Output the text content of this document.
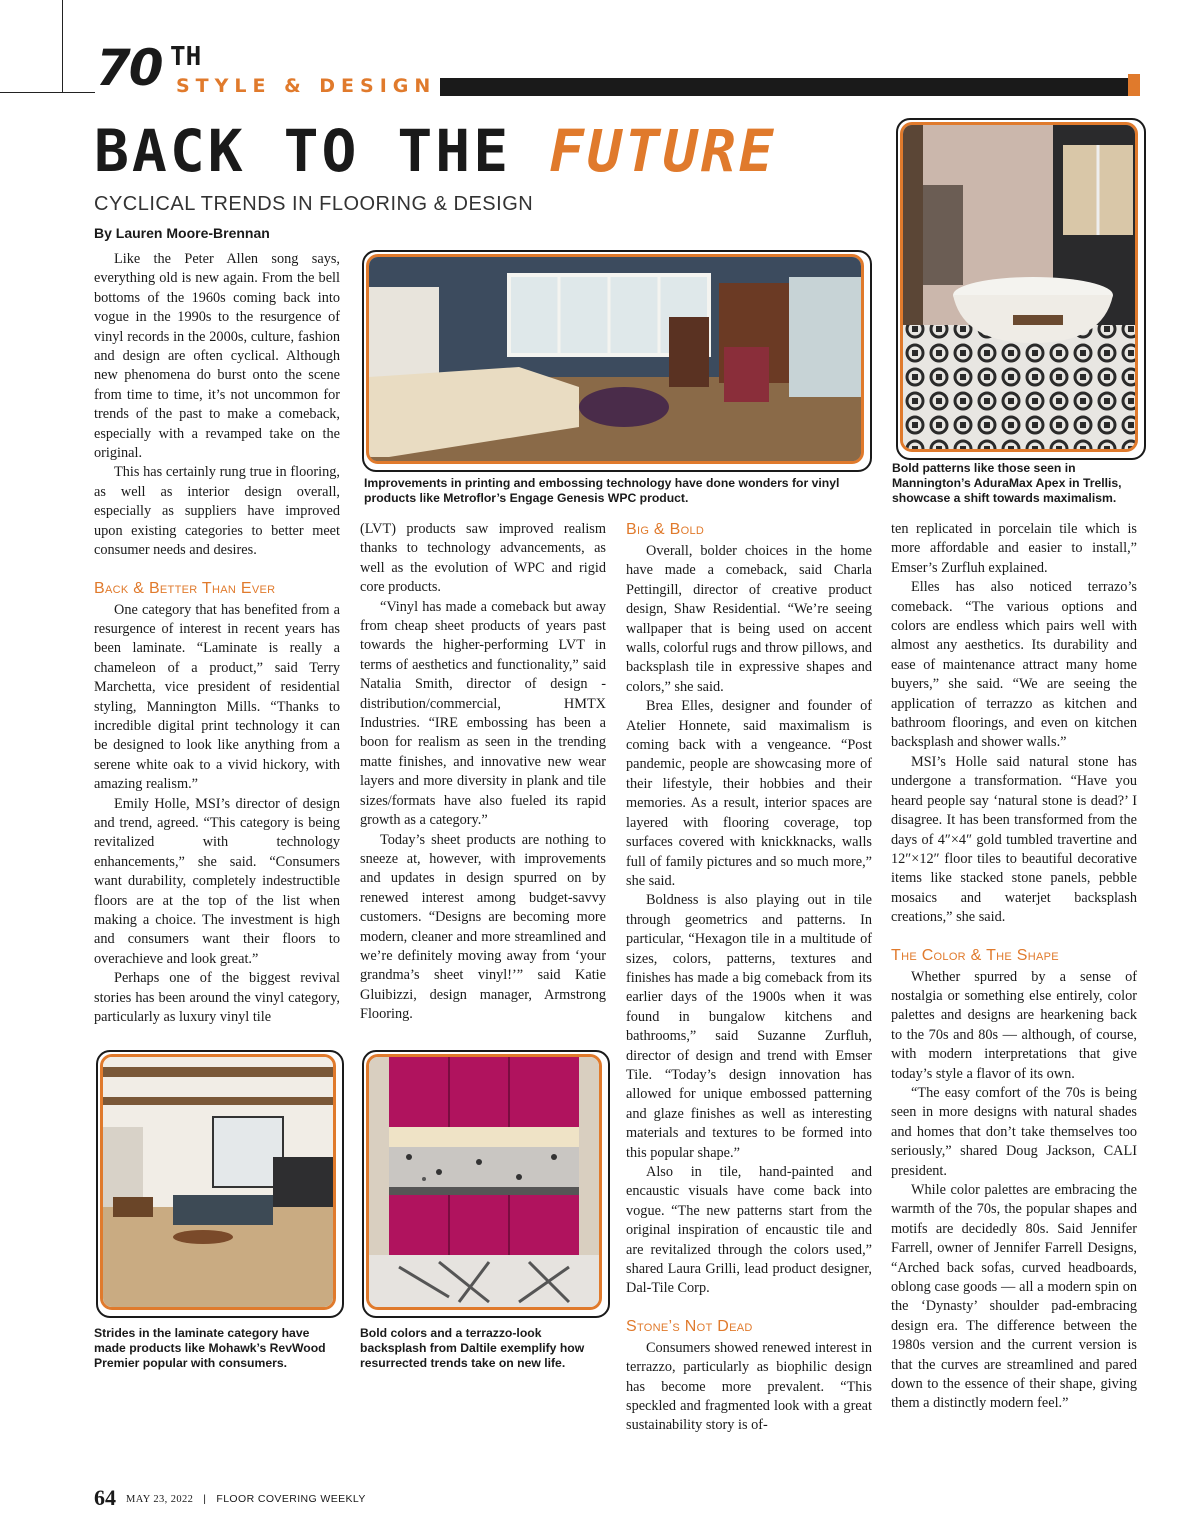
70 TH
STYLE & DESIGN
BACK TO THE FUTURE
CYCLICAL TRENDS IN FLOORING & DESIGN
By Lauren Moore-Brennan
Improvements in printing and embossing technology have done wonders for vinyl products like Metroflor’s Engage Genesis WPC product.
Bold patterns like those seen in Mannington’s AduraMax Apex in Trellis, showcase a shift towards maximalism.

Like the Peter Allen song says, everything old is new again. From the bell bottoms of the 1960s coming back into vogue in the 1990s to the resurgence of vinyl records in the 2000s, culture, fashion and design are often cyclical. Although new phenomena do burst onto the scene from time to time, it’s not uncommon for trends of the past to make a comeback, especially with a revamped take on the original.

This has certainly rung true in flooring, as well as interior design overall, especially as suppliers have improved upon existing categories to better meet consumer needs and desires.

Back & Better Than Ever

One category that has benefited from a resurgence of interest in recent years has been laminate. “Laminate is really a chameleon of a product,” said Terry Marchetta, vice president of residential styling, Mannington Mills. “Thanks to incredible digital print technology it can be designed to look like anything from a serene white oak to a vivid hickory, with amazing realism.”

Emily Holle, MSI’s director of design and trend, agreed. “This category is being revitalized with technology enhancements,” she said. “Consumers want durability, completely indestructible floors are at the top of the list when making a choice. The investment is high and consumers want their floors to overachieve and look great.”

Perhaps one of the biggest revival stories has been around the vinyl category, particularly as luxury vinyl tile

Strides in the laminate category have made products like Mohawk’s RevWood Premier popular with consumers.

(LVT) products saw improved realism thanks to technology advancements, as well as the evolution of WPC and rigid core products.

“Vinyl has made a comeback but away from cheap sheet products of years past towards the higher-performing LVT in terms of aesthetics and functionality,” said Natalia Smith, director of design - distribution/commercial, HMTX Industries. “IRE embossing has been a boon for realism as seen in the trending matte finishes, and innovative new wear layers and more diversity in plank and tile sizes/formats have also fueled its rapid growth as a category.”

Today’s sheet products are nothing to sneeze at, however, with improvements and updates in design spurred on by renewed interest among budget-savvy customers. “Designs are becoming more modern, cleaner and more streamlined and we’re definitely moving away from ‘your grandma’s sheet vinyl!’” said Katie Gluibizzi, design manager, Armstrong Flooring.

Bold colors and a terrazzo-look backsplash from Daltile exemplify how resurrected trends take on new life.
Big & Bold

Overall, bolder choices in the home have made a comeback, said Charla Pettingill, director of creative product design, Shaw Residential. “We’re seeing wallpaper that is being used on accent walls, colorful rugs and throw pillows, and backsplash tile in expressive shapes and colors,” she said.

Brea Elles, designer and founder of Atelier Honnete, said maximalism is coming back with a vengeance. “Post pandemic, people are showcasing more of their lifestyle, their hobbies and their memories. As a result, interior spaces are layered with flooring coverage, top surfaces covered with knickknacks, walls full of family pictures and so much more,” she said.

Boldness is also playing out in tile through geometrics and patterns. In particular, “Hexagon tile in a multitude of sizes, colors, patterns, textures and finishes has made a big comeback from its earlier days of the 1900s when it was found in bungalow kitchens and bathrooms,” said Suzanne Zurfluh, director of design and trend with Emser Tile. “Today’s design innovation has allowed for unique embossed patterning and glaze finishes as well as interesting materials and textures to be formed into this popular shape.”

Also in tile, hand-painted and encaustic visuals have come back into vogue. “The new patterns start from the original inspiration of encaustic tile and are revitalized through the colors used,” shared Laura Grilli, lead product designer, Dal-Tile Corp.

Stone’s Not Dead

Consumers showed renewed interest in terrazzo, particularly as biophilic design has become more prevalent. “This speckled and fragmented look with a great sustainability story is of-

ten replicated in porcelain tile which is more affordable and easier to install,” Emser’s Zurfluh explained.

Elles has also noticed terrazo’s comeback. “The various options and colors are endless which pairs well with almost any aesthetics. Its durability and ease of maintenance attract many home buyers,” she said. “We are seeing the application of terrazzo as kitchen and bathroom floorings, and even on kitchen backsplash and shower walls.”

MSI’s Holle said natural stone has undergone a transformation. “Have you heard people say ‘natural stone is dead?’ I disagree. It has been transformed from the days of 4″×4″ gold tumbled travertine and 12″×12″ floor tiles to beautiful decorative items like stacked stone panels, pebble mosaics and waterjet backsplash creations,” she said.

The Color & The Shape

Whether spurred by a sense of nostalgia or something else entirely, color palettes and designs are hearkening back to the 70s and 80s — although, of course, with modern interpretations that give today’s style a flavor of its own.

“The easy comfort of the 70s is being seen in more designs with natural shades and homes that don’t take themselves too seriously,” shared Doug Jackson, CALI president.

While color palettes are embracing the warmth of the 70s, the popular shapes and motifs are decidedly 80s. Said Jennifer Farrell, owner of Jennifer Farrell Designs, “Arched back sofas, curved headboards, oblong case goods — all a modern spin on the ‘Dynasty’ shoulder pad-embracing design era. The difference between the 1980s version and the current version is that the curves are streamlined and pared down to the essence of their shape, giving them a distinctly modern feel.”

64 MAY 23, 2022 | FLOOR COVERING WEEKLY
